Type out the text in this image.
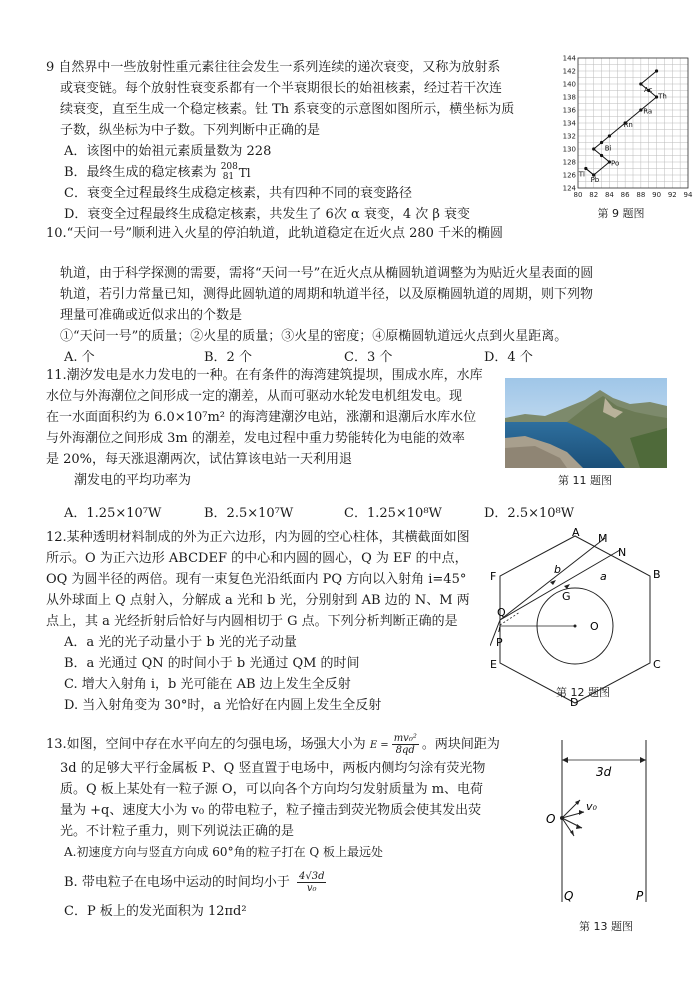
9 自然界中一些放射性重元素往往会发生一系列连续的递次衰变，又称为放射系
或衰变链。每个放射性衰变系都有一个半衰期很长的始祖核素，经过若干次连
续衰变，直至生成一个稳定核素。钍 Th 系衰变的示意图如图所示，横坐标为质
子数，纵坐标为中子数。下列判断中正确的是
A．该图中的始祖元素质量数为 228
B．最终生成的稳定核素为 208
81 Tl
C．衰变全过程最终生成稳定核素，共有四种不同的衰变路径
D．衰变全过程最终生成稳定核素，共发生了 6次 α 衰变，4 次 β 衰变
80 82 84 86 88 90 92 94
124
126
128
130
132
134
136
138
140
142
144
Ac
Th
Ra
Rn
Bi
Po
Tl
Pb
第 9 题图
10.“天问一号”顺利进入火星的停泊轨道，此轨道稳定在近火点 280 千米的椭圆
轨道，由于科学探测的需要，需将“天问一号”在近火点从椭圆轨道调整为为贴近火星表面的圆
轨道，若引力常量已知，测得此圆轨道的周期和轨道半径，以及原椭圆轨道的周期，则下列物
理量可准确或近似求出的个数是
①“天问一号”的质量；②火星的质量；③火星的密度；④原椭圆轨道远火点到火星距离。
A. 个	B．2 个	C．3 个	D．4 个
11.潮汐发电是水力发电的一种。在有条件的海湾建筑提坝，围成水库，水库
水位与外海潮位之间形成一定的潮差，从而可驱动水轮发电机组发电。现
在一水面面积约为 6.0×10⁷m² 的海湾建潮汐电站，涨潮和退潮后水库水位
与外海潮位之间形成 3m 的潮差，发电过程中重力势能转化为电能的效率
是 20%，每天涨退潮两次，试估算该电站一天利用退
潮发电的平均功率为
A．1.25×10⁷W	B．2.5×10⁷W	C．1.25×10⁸W	D．2.5×10⁸W
第 11 题图
12.某种透明材料制成的外为正六边形，内为圆的空心柱体，其横截面如图
所示。O 为正六边形 ABCDEF 的中心和内圆的圆心，Q 为 EF 的中点，
OQ 为圆半径的两倍。现有一束复色光沿纸面内 PQ 方向以入射角 i=45°
从外球面上 Q 点射入，分解成 a 光和 b 光，分别射到 AB 边的 N、M 两
点上，其 a 光经折射后恰好与内圆相切于 G 点。下列分析判断正确的是
A．a 光的光子动量小于 b 光的光子动量
B．a 光通过 QN 的时间小于 b 光通过 QM 的时间
C. 增大入射角 i，b 光可能在 AB 边上发生全反射
D. 当入射角变为 30°时，a 光恰好在内圆上发生全反射
A
B
C
D
E
F
M
N
O
Q
G
P
b
a
i
第 12 题图
13.如图，空间中存在水平向左的匀强电场，场强大小为 $E = \frac{\text{mv₀²}}{8qd}$ 。两块间距为
3d 的足够大平行金属板 P、Q 竖直置于电场中，两板内侧均匀涂有荧光物
质。Q 板上某处有一粒子源 O，可以向各个方向均匀发射质量为 m、电荷
量为 +q、速度大小为 v₀ 的带电粒子，粒子撞击到荧光物质会使其发出荧
光。不计粒子重力，则下列说法正确的是
A.初速度方向与竖直方向成 60°角的粒子打在 Q 板上最远处
B. 带电粒子在电场中运动的时间均小于 $\frac{4√3d}{\text{v₀}}$
C．P 板上的发光面积为 12πd²
3d
O
v₀
Q	P
第 13 题图
